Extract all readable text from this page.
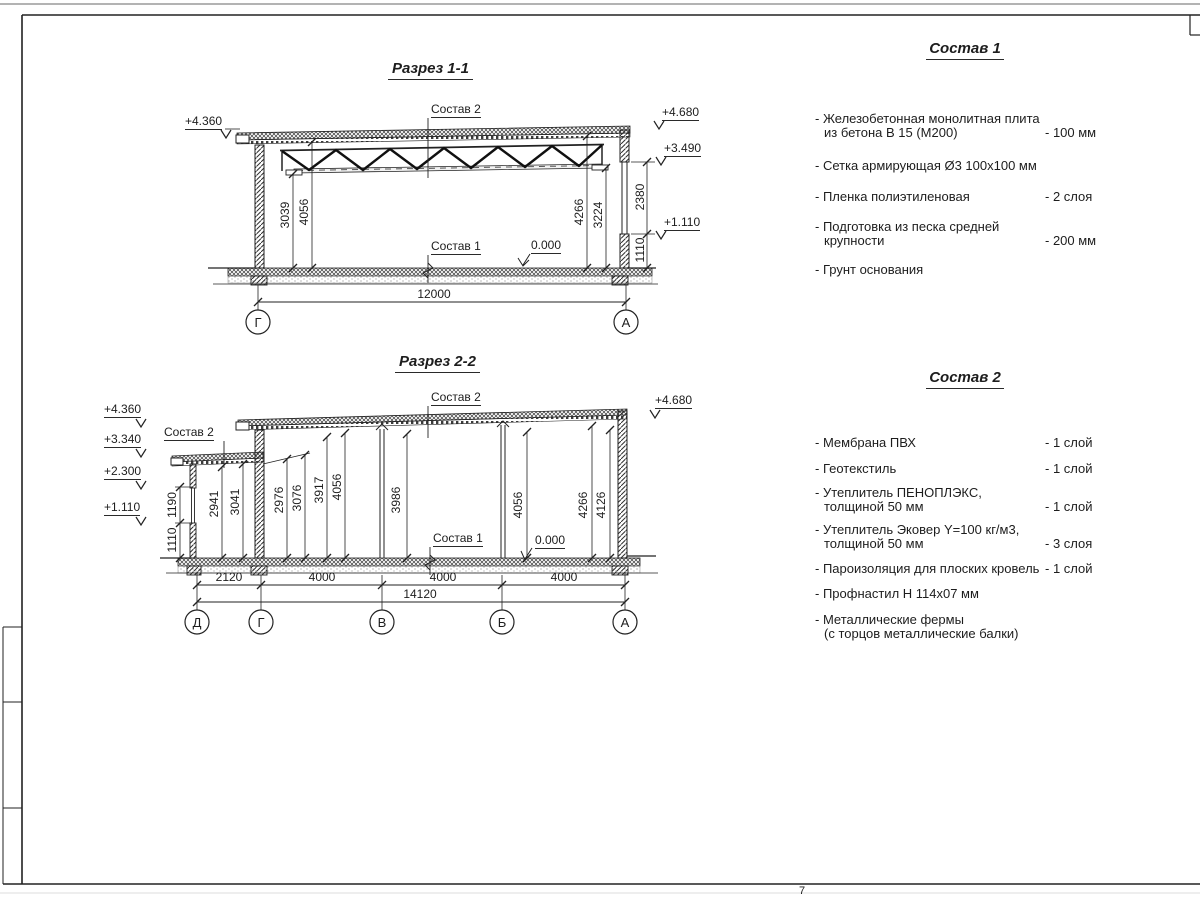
Разрез 1-1
+4.360
+4.680
+3.490
+1.110
Состав 2
Состав 1	0.000
12000
3039 4056	4266 3224
2380
1110
Г	А
Разрез 2-2
+4.360
+3.340
+2.300
+1.110
+4.680
Состав 2
Состав 2
Состав 1	0.000
2120	4000	4000	4000
14120
1190
1110
2941 3041	2976 3076 3917 4056	3986	4056	4266 4126
Д	Г	В	Б	А
Состав 1
- Железобетонная монолитная плита
из бетона В 15 (М200)	- 100 мм
- Сетка армирующая Ø3 100x100 мм
- Пленка полиэтиленовая	- 2 слоя
- Подготовка из песка средней
крупности	- 200 мм
- Грунт основания
Состав 2
- Мембрана ПВХ	- 1 слой
- Геотекстиль	- 1 слой
- Утеплитель ПЕНОПЛЭКС,
толщиной 50 мм	- 1 слой
- Утеплитель Эковер Y=100 кг/м3,
толщиной 50 мм	- 3 слоя
- Пароизоляция для плоских кровель - 1 слой
- Профнастил Н 114x07 мм
- Металлические фермы
(с торцов металлические балки)
7
